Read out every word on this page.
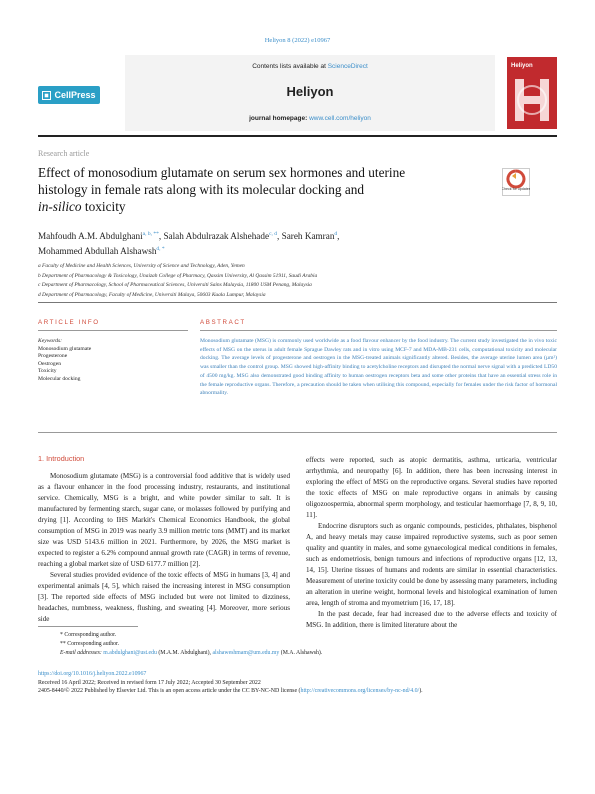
Heliyon 8 (2022) e10967
CellPress
Contents lists available at ScienceDirect
Heliyon
journal homepage: www.cell.com/heliyon
Heliyon
Research article
Effect of monosodium glutamate on serum sex hormones and uterine
histology in female rats along with its molecular docking and
in-silico toxicity
Check for updates
Mahfoudh A.M. Abdulghani$^{a, b, **}$, Salah Abdulrazak Alshehade$^{c, d}$, Sareh Kamran$^d$,
Mohammed Abdullah Alshawsh$^{d, *}$
a Faculty of Medicine and Health Sciences, University of Science and Technology, Aden, Yemen
b Department of Pharmacology & Toxicology, Unaizah College of Pharmacy, Qassim University, Al Qassim 51911, Saudi Arabia
c Department of Pharmacology, School of Pharmaceutical Sciences, Universiti Sains Malaysia, 11800 USM Penang, Malaysia
d Department of Pharmacology, Faculty of Medicine, Universiti Malaya, 50603 Kuala Lumpur, Malaysia
ARTICLE INFO	ABSTRACT
Keywords:
Monosodium glutamate
Progesterone
Oestrogen
Toxicity
Molecular docking
Monosodium glutamate (MSG) is commonly used worldwide as a food flavour enhancer by the food industry. The current study investigated the in vivo toxic effects of MSG on the uterus in adult female Sprague Dawley rats and in vitro using MCF-7 and MDA-MB-231 cells, computational toxicity and molecular docking. The average levels of progesterone and oestrogen in the MSG-treated animals significantly altered. Besides, the average uterine lumen area (µm²) was smaller than the control group. MSG showed high-affinity binding to acetylcholine receptors and disrupted the normal nerve signal with a predicted LD50 of 4500 mg/kg. MSG also demonstrated good binding affinity to human oestrogen receptors beta and some other proteins that have an essential stress role in the female reproductive organs. Therefore, a precaution should be taken when utilising this compound, especially for females under the risk factor of hormonal abnormality.
1. Introduction

Monosodium glutamate (MSG) is a controversial food additive that is widely used as a flavour enhancer in the food processing industry, restaurants, and institutional service. Chemically, MSG is a bright, and white powder similar to salt. It is manufactured by fermenting starch, sugar cane, or molasses followed by purifying and drying [1]. According to IHS Markit's Chemical Economics Handbook, the global consumption of MSG in 2019 was nearly 3.9 million metric tons (MMT) and its market size was USD 5143.6 million in 2021. Furthermore, by 2026, the MSG market is expected to register a 6.2% compound annual growth rate (CAGR) in terms of revenue, reaching a global market size of USD 6177.7 million [2].

Several studies provided evidence of the toxic effects of MSG in humans [3, 4] and experimental animals [4, 5], which raised the increasing interest in MSG consumption [3]. The reported side effects of MSG included but were not limited to dizziness, headaches, numbness, weakness, flushing, and sweating [4]. Moreover, more serious side

effects were reported, such as atopic dermatitis, asthma, urticaria, ventricular arrhythmia, and neuropathy [6]. In addition, there has been increasing interest in exploring the effect of MSG on the reproductive organs. Several studies have reported the toxic effects of MSG on male reproductive organs in animals by causing oligozoospermia, abnormal sperm morphology, and testicular haemorrhage [7, 8, 9, 10, 11].

Endocrine disruptors such as organic compounds, pesticides, phthalates, bisphenol A, and heavy metals may cause impaired reproductive systems, such as poor semen quality and quantity in males, and some gynaecological medical conditions in females, such as endometriosis, benign tumours and infections of reproductive organs [12, 13, 14, 15]. Uterine tissues of humans and rodents are similar in essential characteristics. Measurement of uterine toxicity could be done by assessing many parameters, including an alteration in uterine weight, hormonal levels and histological examination of lumen area, length of stroma and myometrium [16, 17, 18].

In the past decade, fear had increased due to the adverse effects and toxicity of MSG. In addition, there is limited literature about the

* Corresponding author.
** Corresponding author.
E-mail addresses: m.abdulghani@ust.edu (M.A.M. Abdulghani), alshaweshmam@um.edu.my (M.A. Alshawsh).
https://doi.org/10.1016/j.heliyon.2022.e10967
Received 16 April 2022; Received in revised form 17 July 2022; Accepted 30 September 2022
2405-8440/© 2022 Published by Elsevier Ltd. This is an open access article under the CC BY-NC-ND license (http://creativecommons.org/licenses/by-nc-nd/4.0/).
